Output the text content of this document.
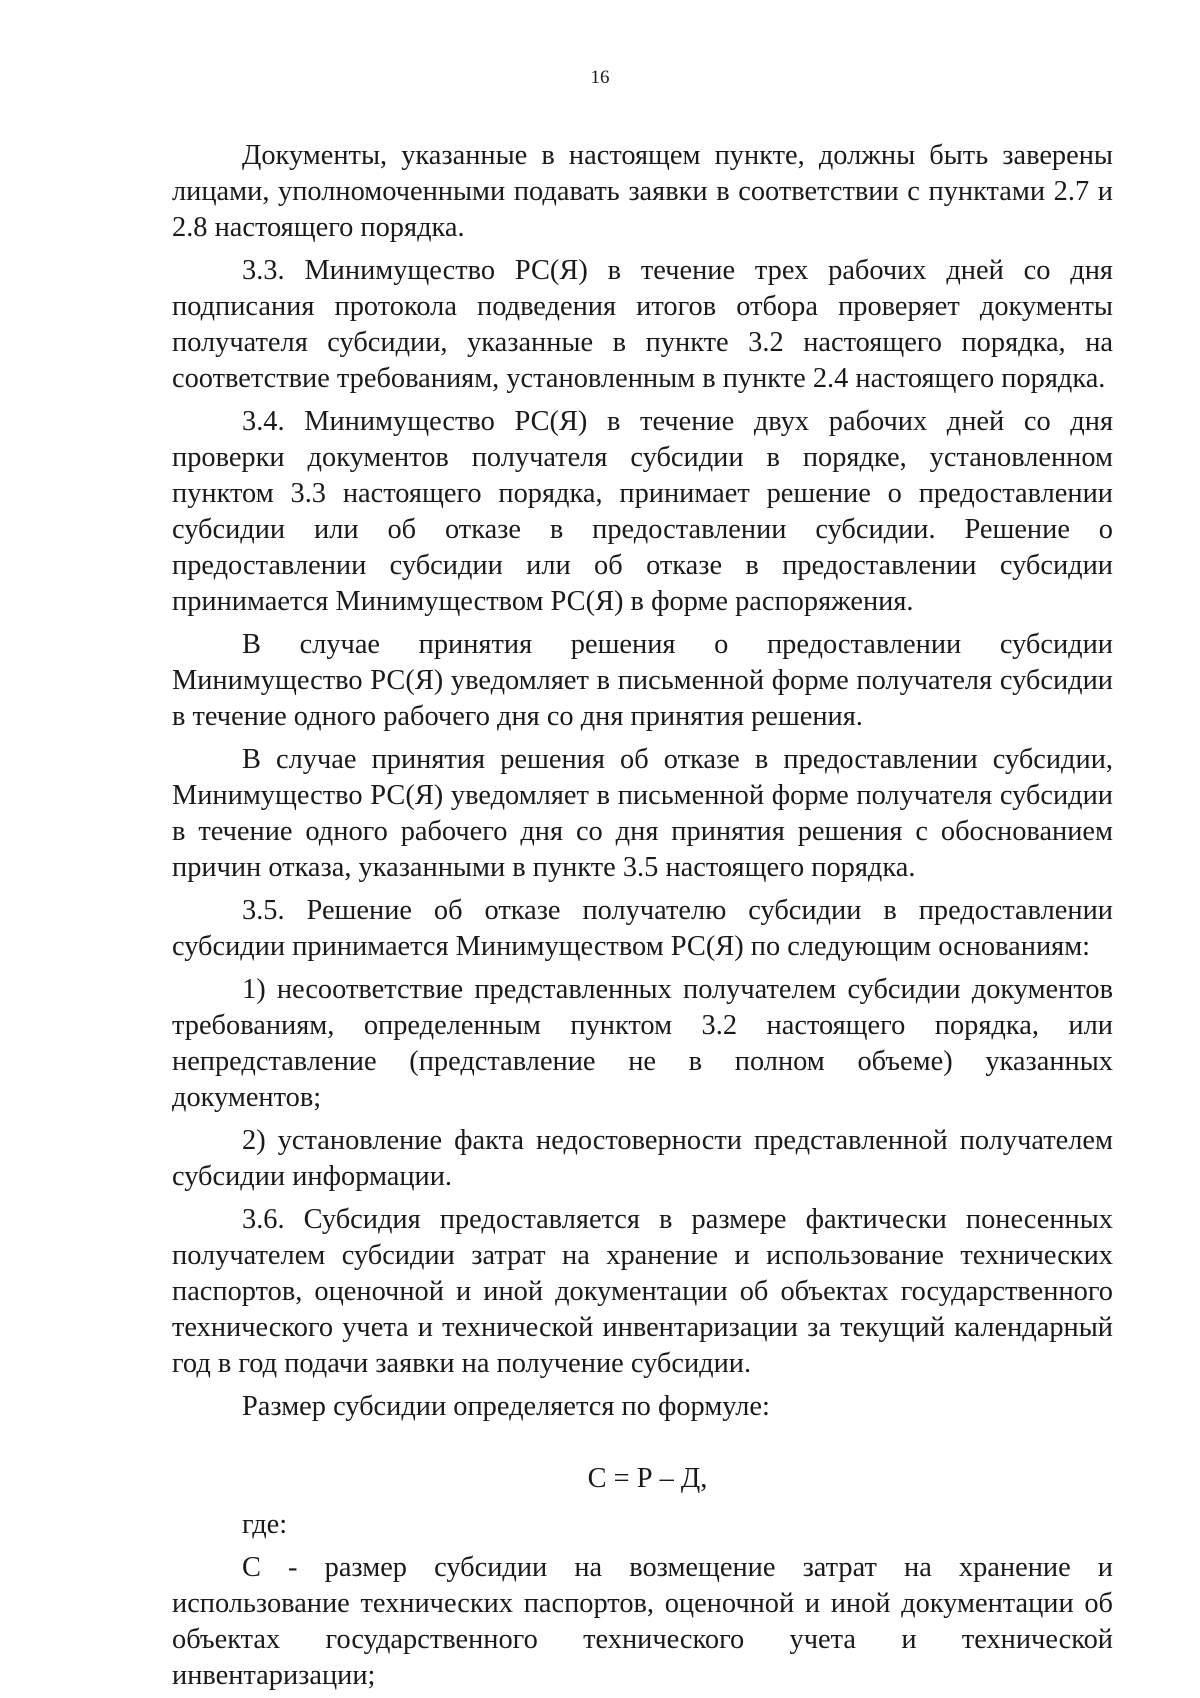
16

Документы, указанные в настоящем пункте, должны быть заверены лицами, уполномоченными подавать заявки в соответствии с пунктами 2.7 и 2.8 настоящего порядка.

3.3. Минимущество РС(Я) в течение трех рабочих дней со дня подписания протокола подведения итогов отбора проверяет документы получателя субсидии, указанные в пункте 3.2 настоящего порядка, на соответствие требованиям, установленным в пункте 2.4 настоящего порядка.

3.4. Минимущество РС(Я) в течение двух рабочих дней со дня проверки документов получателя субсидии в порядке, установленном пунктом 3.3 настоящего порядка, принимает решение о предоставлении субсидии или об отказе в предоставлении субсидии. Решение о предоставлении субсидии или об отказе в предоставлении субсидии принимается Минимуществом РС(Я) в форме распоряжения.

В случае принятия решения о предоставлении субсидии Минимущество РС(Я) уведомляет в письменной форме получателя субсидии в течение одного рабочего дня со дня принятия решения.

В случае принятия решения об отказе в предоставлении субсидии, Минимущество РС(Я) уведомляет в письменной форме получателя субсидии в течение одного рабочего дня со дня принятия решения с обоснованием причин отказа, указанными в пункте 3.5 настоящего порядка.

3.5. Решение об отказе получателю субсидии в предоставлении субсидии принимается Минимуществом РС(Я) по следующим основаниям:

1) несоответствие представленных получателем субсидии документов требованиям, определенным пунктом 3.2 настоящего порядка, или непредставление (представление не в полном объеме) указанных документов;

2) установление факта недостоверности представленной получателем субсидии информации.

3.6. Субсидия предоставляется в размере фактически понесенных получателем субсидии затрат на хранение и использование технических паспортов, оценочной и иной документации об объектах государственного технического учета и технической инвентаризации за текущий календарный год в год подачи заявки на получение субсидии.

Размер субсидии определяется по формуле:

С = Р – Д,

где:

С - размер субсидии на возмещение затрат на хранение и использование технических паспортов, оценочной и иной документации об объектах государственного технического учета и технической инвентаризации;
